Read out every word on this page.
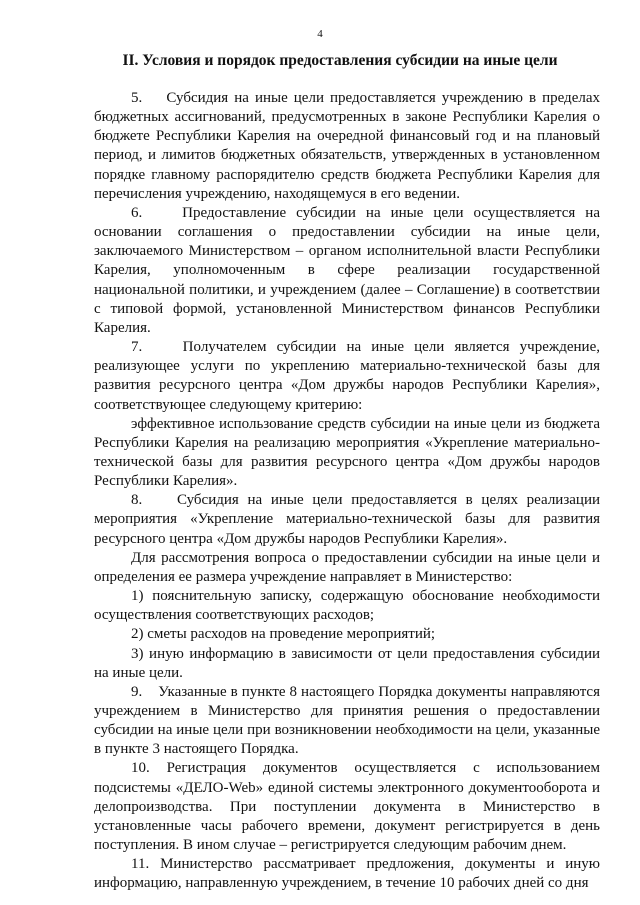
4
II. Условия и порядок предоставления субсидии на иные цели

5.    Субсидия на иные цели предоставляется учреждению в пределах бюджетных ассигнований, предусмотренных в законе Республики Карелия о бюджете Республики Карелия на очередной финансовый год и на плановый период, и лимитов бюджетных обязательств, утвержденных в установленном порядке главному распорядителю средств бюджета Республики Карелия для перечисления учреждению, находящемуся в его ведении.

6.    Предоставление субсидии на иные цели осуществляется на основании соглашения о предоставлении субсидии на иные цели, заключаемого Министерством – органом исполнительной власти Республики Карелия, уполномоченным в сфере реализации государственной национальной политики, и учреждением (далее – Соглашение) в соответствии с типовой формой, установленной Министерством финансов Республики Карелия.

7.    Получателем субсидии на иные цели является учреждение, реализующее услуги по укреплению материально-технической базы для развития ресурсного центра «Дом дружбы народов Республики Карелия», соответствующее следующему критерию:

эффективное использование средств субсидии на иные цели из бюджета Республики Карелия на реализацию мероприятия «Укрепление материально-технической базы для развития ресурсного центра «Дом дружбы народов Республики Карелия».

8.    Субсидия на иные цели предоставляется в целях реализации мероприятия «Укрепление материально-технической базы для развития ресурсного центра «Дом дружбы народов Республики Карелия».

Для рассмотрения вопроса о предоставлении субсидии на иные цели и определения ее размера учреждение направляет в Министерство:

1) пояснительную записку, содержащую обоснование необходимости осуществления соответствующих расходов;

2) сметы расходов на проведение мероприятий;

3) иную информацию в зависимости от цели предоставления субсидии на иные цели.

9.    Указанные в пункте 8 настоящего Порядка документы направляются учреждением в Министерство для принятия решения о предоставлении субсидии на иные цели при возникновении необходимости на цели, указанные в пункте 3 настоящего Порядка.

10. Регистрация документов осуществляется с использованием подсистемы «ДЕЛО-Web» единой системы электронного документооборота и делопроизводства. При поступлении документа в Министерство в установленные часы рабочего времени, документ регистрируется в день поступления. В ином случае – регистрируется следующим рабочим днем.

11. Министерство рассматривает предложения, документы и иную информацию, направленную учреждением, в течение 10 рабочих дней со дня
